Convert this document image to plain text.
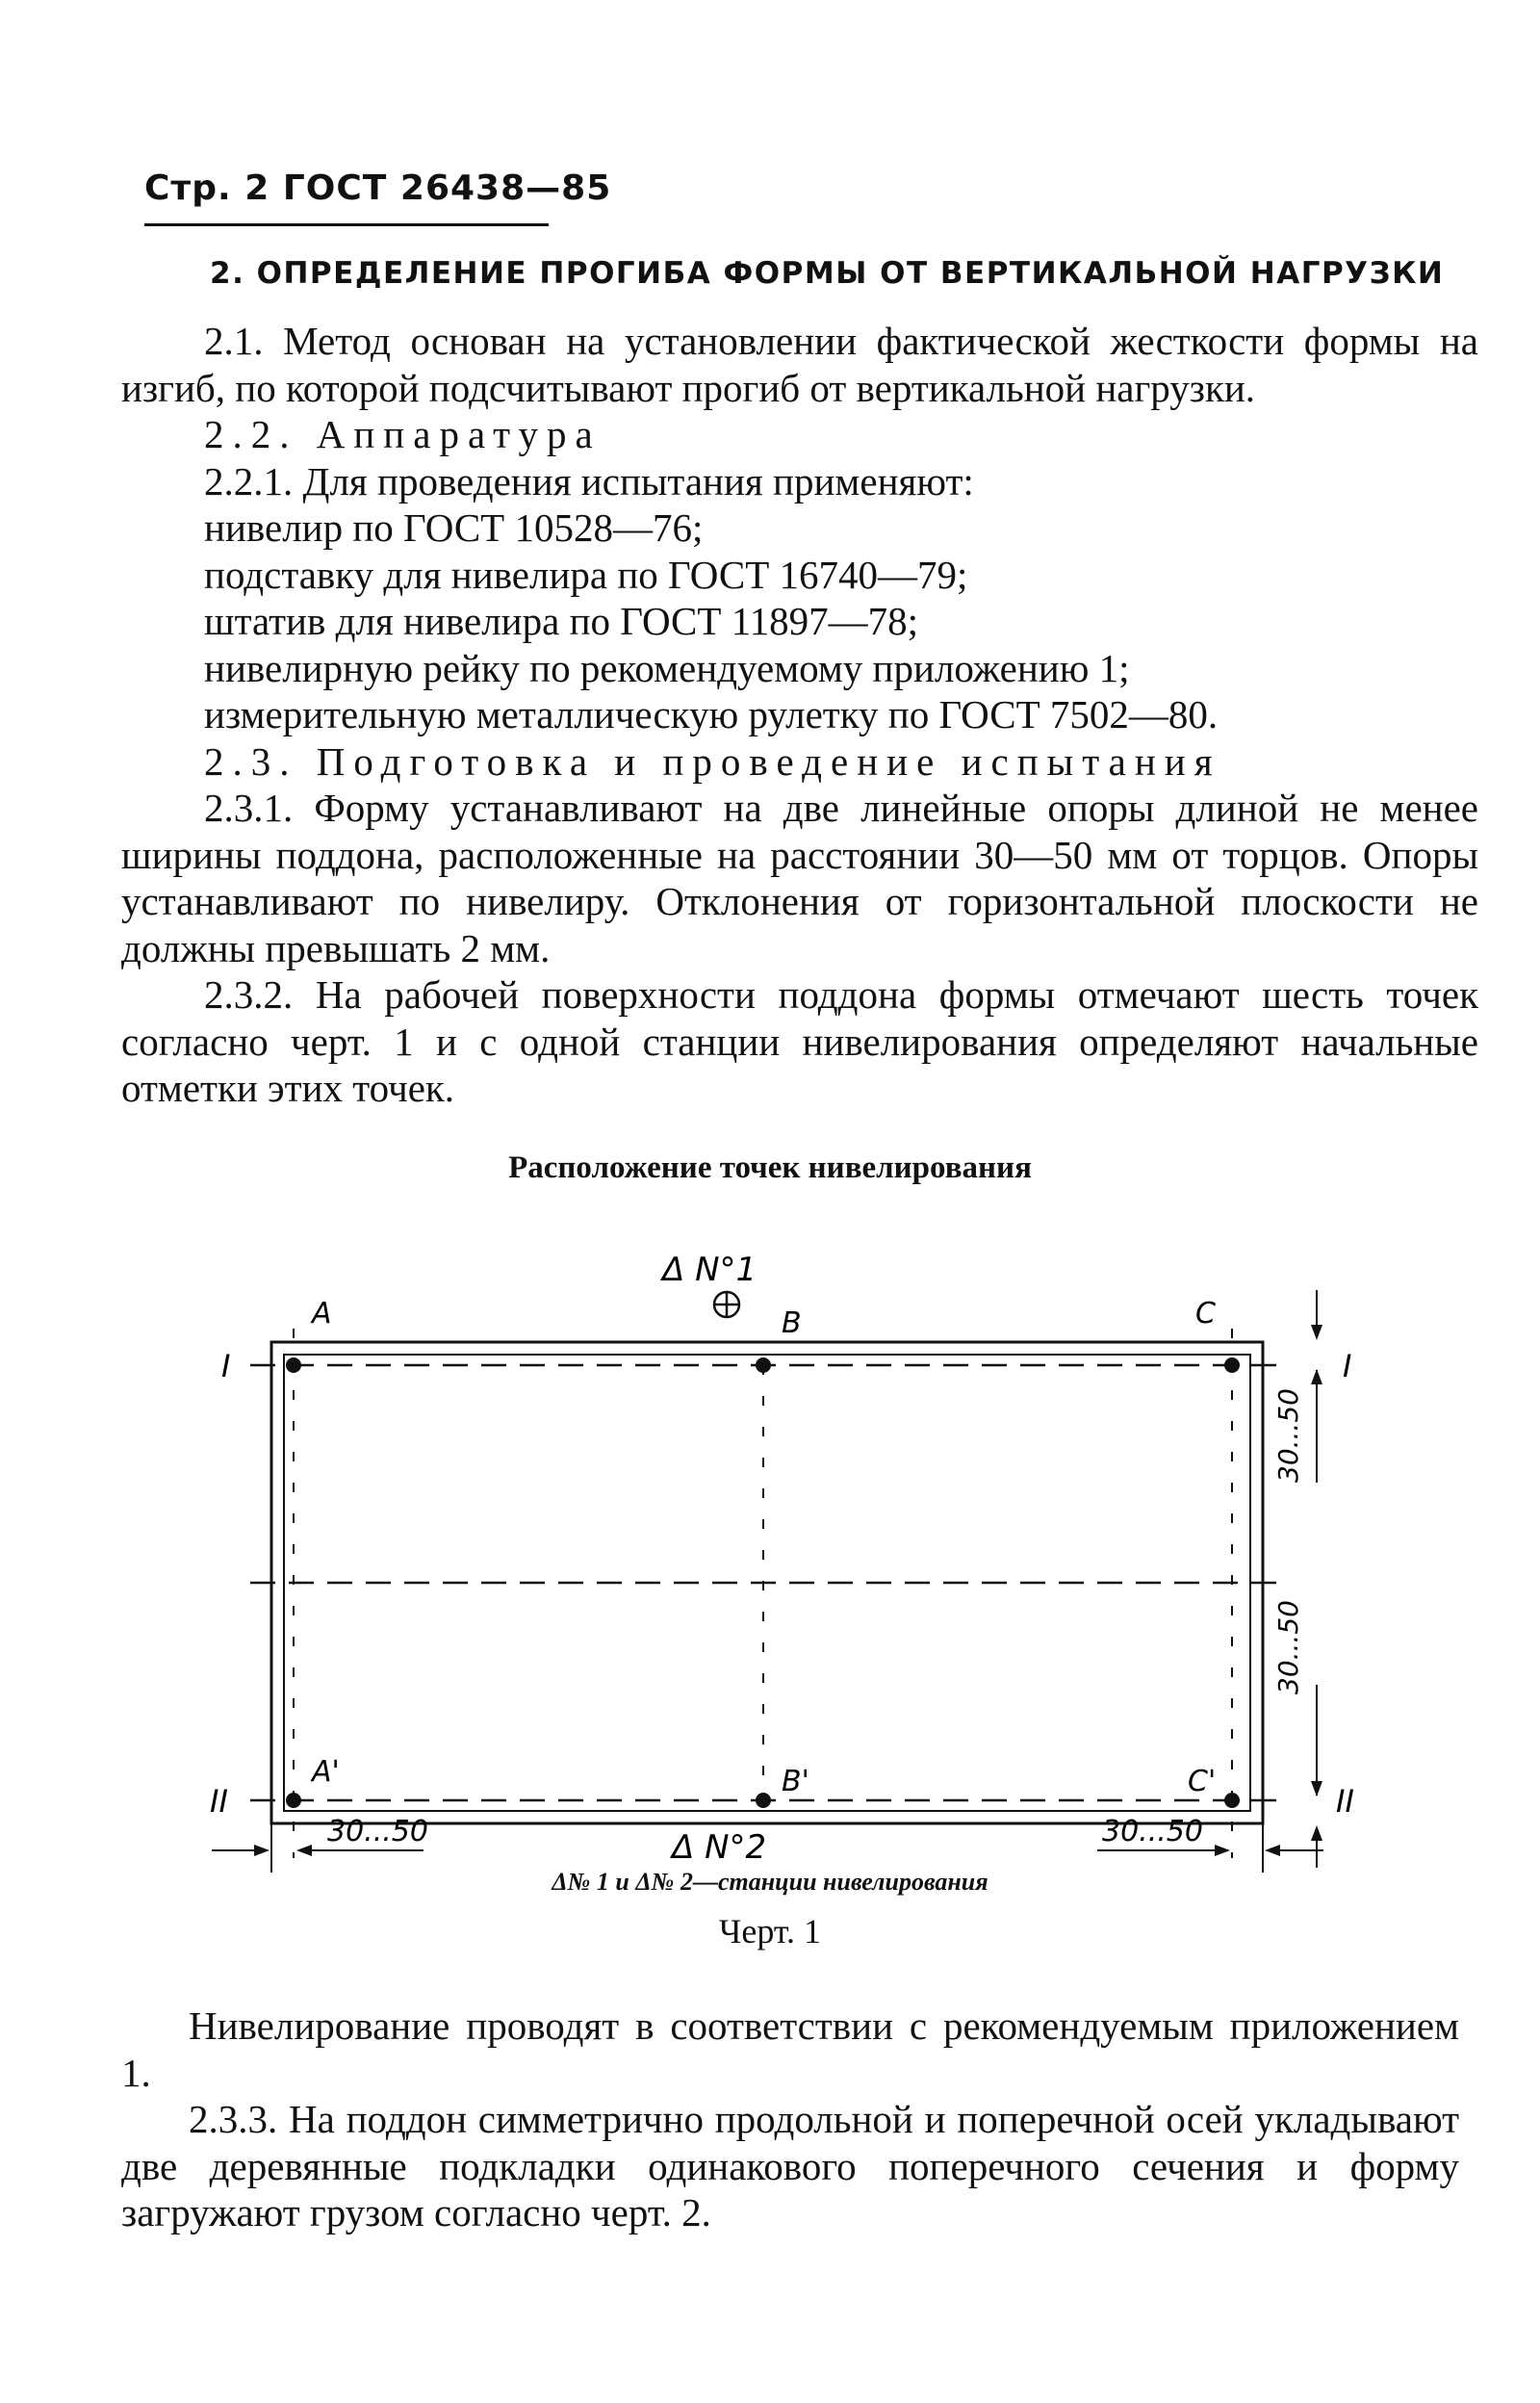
Стр. 2 ГОСТ 26438—85
2. ОПРЕДЕЛЕНИЕ ПРОГИБА ФОРМЫ ОТ ВЕРТИКАЛЬНОЙ НАГРУЗКИ

2.1. Метод основан на установлении фактической жесткости формы на изгиб, по которой подсчитывают прогиб от вертикальной нагрузки.

2.2. Аппаратура

2.2.1. Для проведения испытания применяют:

нивелир по ГОСТ 10528—76;

подставку для нивелира по ГОСТ 16740—79;

штатив для нивелира по ГОСТ 11897—78;

нивелирную рейку по рекомендуемому приложению 1;

измерительную металлическую рулетку по ГОСТ 7502—80.

2.3. Подготовка и проведение испытания

2.3.1. Форму устанавливают на две линейные опоры длиной не менее ширины поддона, расположенные на расстоянии 30—50 мм от торцов. Опоры устанавливают по нивелиру. Отклонения от горизонтальной плоскости не должны превышать 2 мм.

2.3.2. На рабочей поверхности поддона формы отмечают шесть точек согласно черт. 1 и с одной станции нивелирования определяют начальные отметки этих точек.

Расположение точек нивелирования
A	B	C
A'	B'	C'
Δ N°1
Δ N°2
I	I
II	II
30...50
30...50
30...50	30...50
Δ№ 1 и Δ№ 2—станции нивелирования
Черт. 1

Нивелирование проводят в соответствии с рекомендуемым приложением 1.

2.3.3. На поддон симметрично продольной и поперечной осей укладывают две деревянные подкладки одинакового поперечного сечения и форму загружают грузом согласно черт. 2.
